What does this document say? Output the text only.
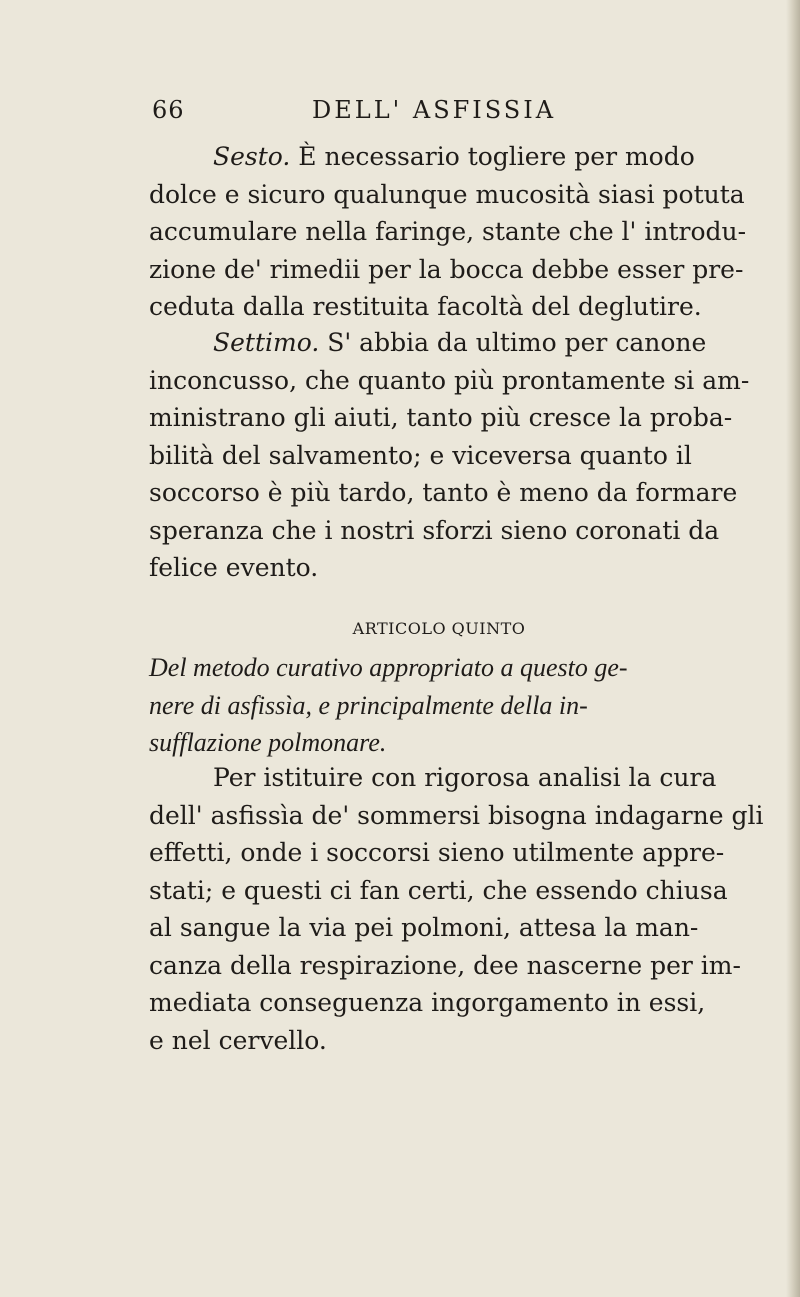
66	DELL' ASFISSIA
Sesto. È necessario togliere per modo
dolce e sicuro qualunque mucosità siasi potuta
accumulare nella faringe, stante che l' introdu-
zione de' rimedii per la bocca debbe esser pre-
ceduta dalla restituita facoltà del deglutire.
Settimo. S' abbia da ultimo per canone
inconcusso, che quanto più prontamente si am-
ministrano gli aiuti, tanto più cresce la proba-
bilità del salvamento; e viceversa quanto il
soccorso è più tardo, tanto è meno da formare
speranza che i nostri sforzi sieno coronati da
felice evento.
ARTICOLO QUINTO
Del metodo curativo appropriato a questo ge-
nere di asfissìa, e principalmente della in-
sufflazione polmonare.
Per istituire con rigorosa analisi la cura
dell' asfissìa de' sommersi bisogna indagarne gli
effetti, onde i soccorsi sieno utilmente appre-
stati; e questi ci fan certi, che essendo chiusa
al sangue la via pei polmoni, attesa la man-
canza della respirazione, dee nascerne per im-
mediata conseguenza ingorgamento in essi,
e nel cervello.
